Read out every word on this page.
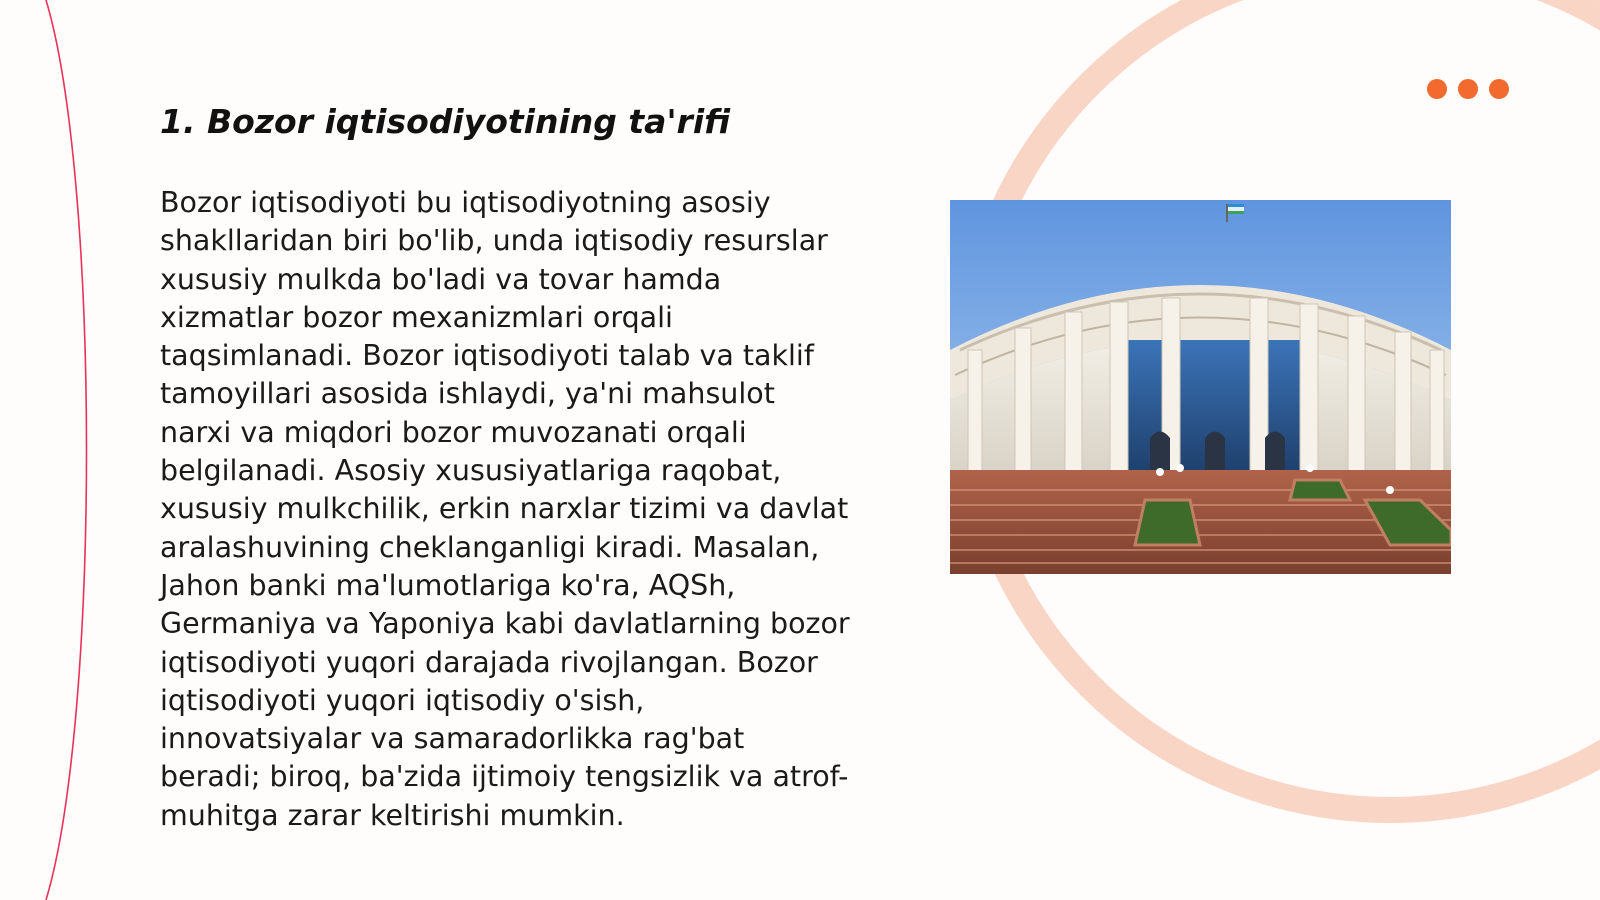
1. Bozor iqtisodiyotining ta'rifi

Bozor iqtisodiyoti bu iqtisodiyotning asosiy shakllaridan biri bo'lib, unda iqtisodiy resurslar xususiy mulkda bo'ladi va tovar hamda xizmatlar bozor mexanizmlari orqali taqsimlanadi. Bozor iqtisodiyoti talab va taklif tamoyillari asosida ishlaydi, ya'ni mahsulot narxi va miqdori bozor muvozanati orqali belgilanadi. Asosiy xususiyatlariga raqobat, xususiy mulkchilik, erkin narxlar tizimi va davlat aralashuvining cheklanganligi kiradi. Masalan, Jahon banki ma'lumotlariga ko'ra, AQSh, Germaniya va Yaponiya kabi davlatlarning bozor iqtisodiyoti yuqori darajada rivojlangan. Bozor iqtisodiyoti yuqori iqtisodiy o'sish, innovatsiyalar va samaradorlikka rag'bat beradi; biroq, ba'zida ijtimoiy tengsizlik va atrof-muhitga zarar keltirishi mumkin.
